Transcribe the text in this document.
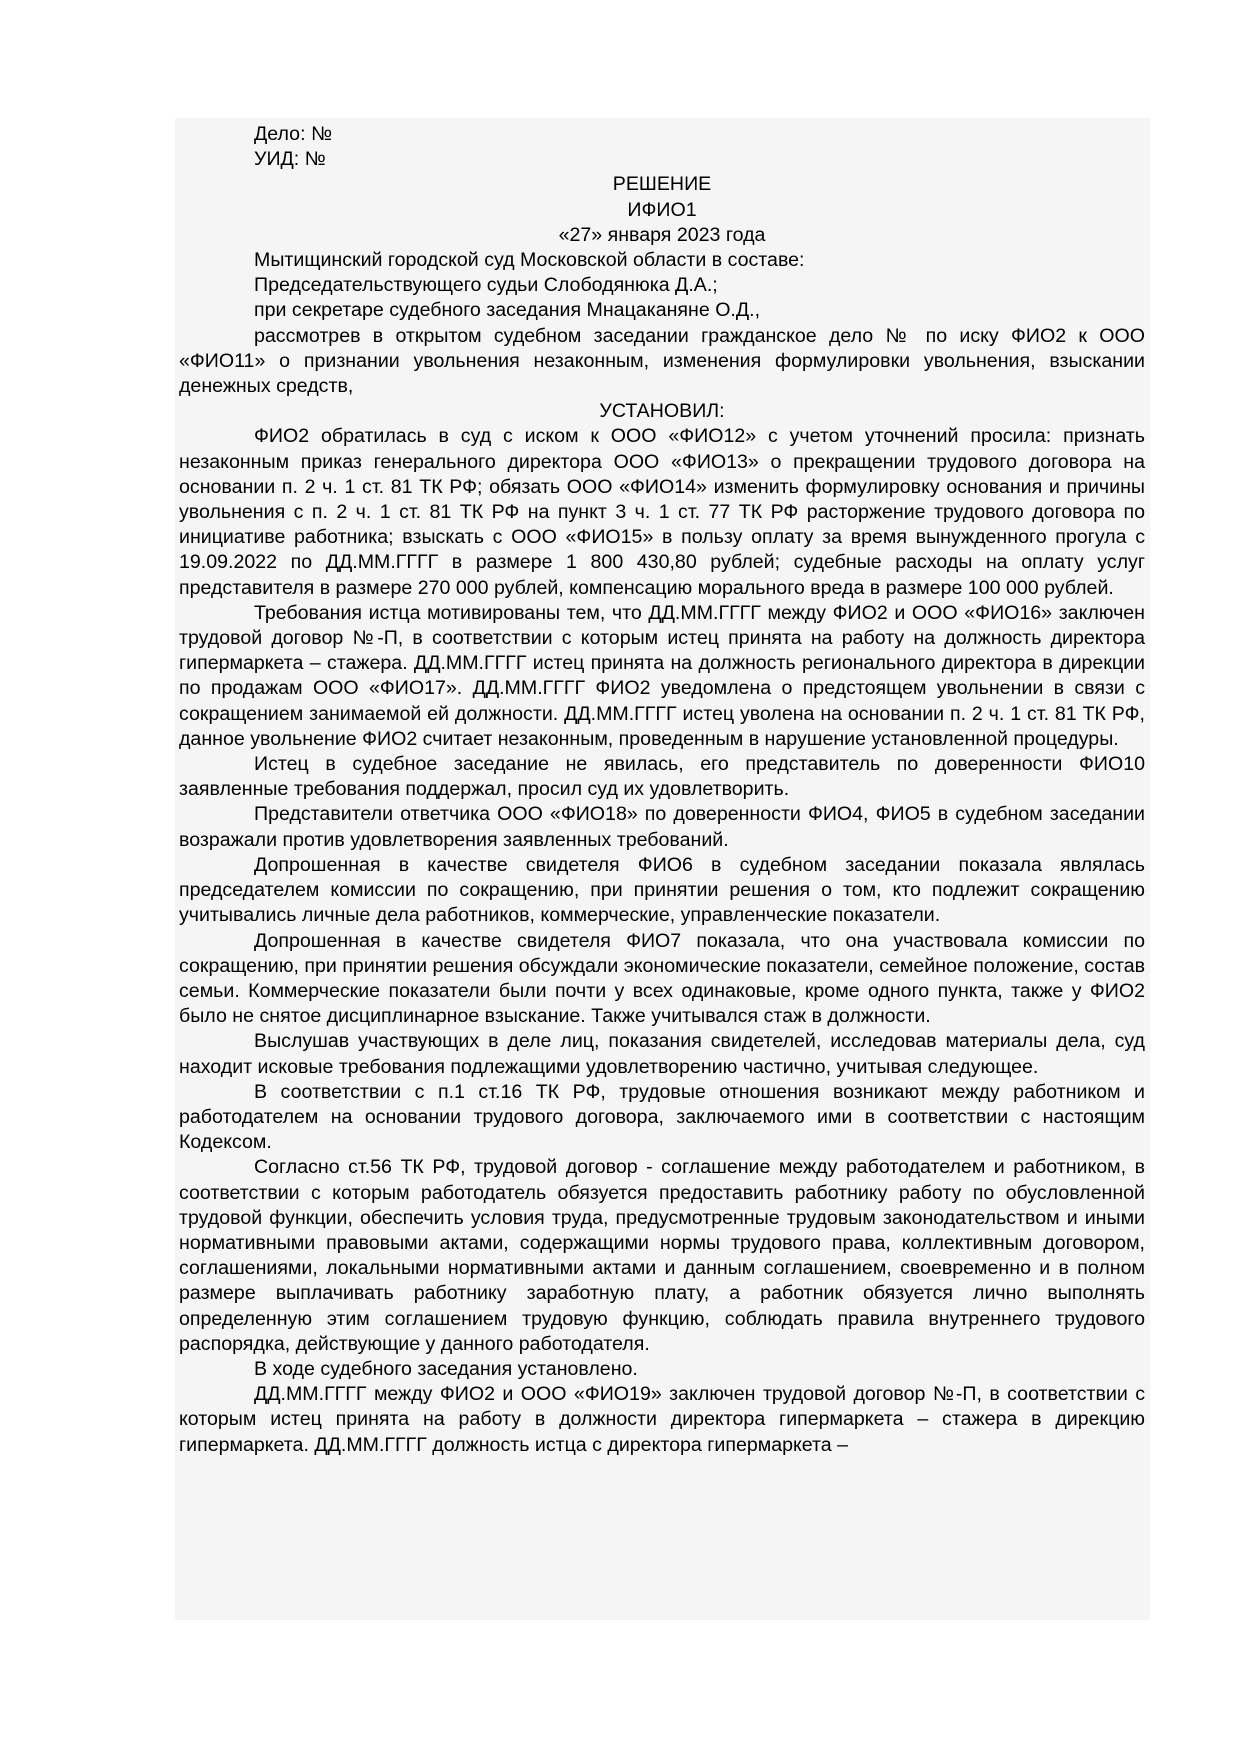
Дело: №

УИД: №

РЕШЕНИЕ

ИФИО1

«27» января 2023 года

Мытищинский городской суд Московской области в составе:

Председательствующего судьи Слободянюка Д.А.;

при секретаре судебного заседания Мнацаканяне О.Д.,

рассмотрев в открытом судебном заседании гражданское дело № по иску ФИО2 к ООО «ФИО11» о признании увольнения незаконным, изменения формулировки увольнения, взыскании денежных средств,

УСТАНОВИЛ:

ФИО2 обратилась в суд с иском к ООО «ФИО12» с учетом уточнений просила: признать незаконным приказ генерального директора ООО «ФИО13» о прекращении трудового договора на основании п. 2 ч. 1 ст. 81 ТК РФ; обязать ООО «ФИО14» изменить формулировку основания и причины увольнения с п. 2 ч. 1 ст. 81 ТК РФ на пункт 3 ч. 1 ст. 77 ТК РФ расторжение трудового договора по инициативе работника; взыскать с ООО «ФИО15» в пользу оплату за время вынужденного прогула с 19.09.2022 по ДД.ММ.ГГГГ в размере 1 800 430,80 рублей; судебные расходы на оплату услуг представителя в размере 270 000 рублей, компенсацию морального вреда в размере 100 000 рублей.

Требования истца мотивированы тем, что ДД.ММ.ГГГГ между ФИО2 и ООО «ФИО16» заключен трудовой договор №-П, в соответствии с которым истец принята на работу на должность директора гипермаркета – стажера. ДД.ММ.ГГГГ истец принята на должность регионального директора в дирекции по продажам ООО «ФИО17». ДД.ММ.ГГГГ ФИО2 уведомлена о предстоящем увольнении в связи с сокращением занимаемой ей должности. ДД.ММ.ГГГГ истец уволена на основании п. 2 ч. 1 ст. 81 ТК РФ, данное увольнение ФИО2 считает незаконным, проведенным в нарушение установленной процедуры.

Истец в судебное заседание не явилась, его представитель по доверенности ФИО10 заявленные требования поддержал, просил суд их удовлетворить.

Представители ответчика ООО «ФИО18» по доверенности ФИО4, ФИО5 в судебном заседании возражали против удовлетворения заявленных требований.

Допрошенная в качестве свидетеля ФИО6 в судебном заседании показала являлась председателем комиссии по сокращению, при принятии решения о том, кто подлежит сокращению учитывались личные дела работников, коммерческие, управленческие показатели.

Допрошенная в качестве свидетеля ФИО7 показала, что она участвовала комиссии по сокращению, при принятии решения обсуждали экономические показатели, семейное положение, состав семьи. Коммерческие показатели были почти у всех одинаковые, кроме одного пункта, также у ФИО2 было не снятое дисциплинарное взыскание. Также учитывался стаж в должности.

Выслушав участвующих в деле лиц, показания свидетелей, исследовав материалы дела, суд находит исковые требования подлежащими удовлетворению частично, учитывая следующее.

В соответствии с п.1 ст.16 ТК РФ, трудовые отношения возникают между работником и работодателем на основании трудового договора, заключаемого ими в соответствии с настоящим Кодексом.

Согласно ст.56 ТК РФ, трудовой договор - соглашение между работодателем и работником, в соответствии с которым работодатель обязуется предоставить работнику работу по обусловленной трудовой функции, обеспечить условия труда, предусмотренные трудовым законодательством и иными нормативными правовыми актами, содержащими нормы трудового права, коллективным договором, соглашениями, локальными нормативными актами и данным соглашением, своевременно и в полном размере выплачивать работнику заработную плату, а работник обязуется лично выполнять определенную этим соглашением трудовую функцию, соблюдать правила внутреннего трудового распорядка, действующие у данного работодателя.

В ходе судебного заседания установлено.

ДД.ММ.ГГГГ между ФИО2 и ООО «ФИО19» заключен трудовой договор №-П, в соответствии с которым истец принята на работу в должности директора гипермаркета – стажера в дирекцию гипермаркета. ДД.ММ.ГГГГ должность истца с директора гипермаркета –
